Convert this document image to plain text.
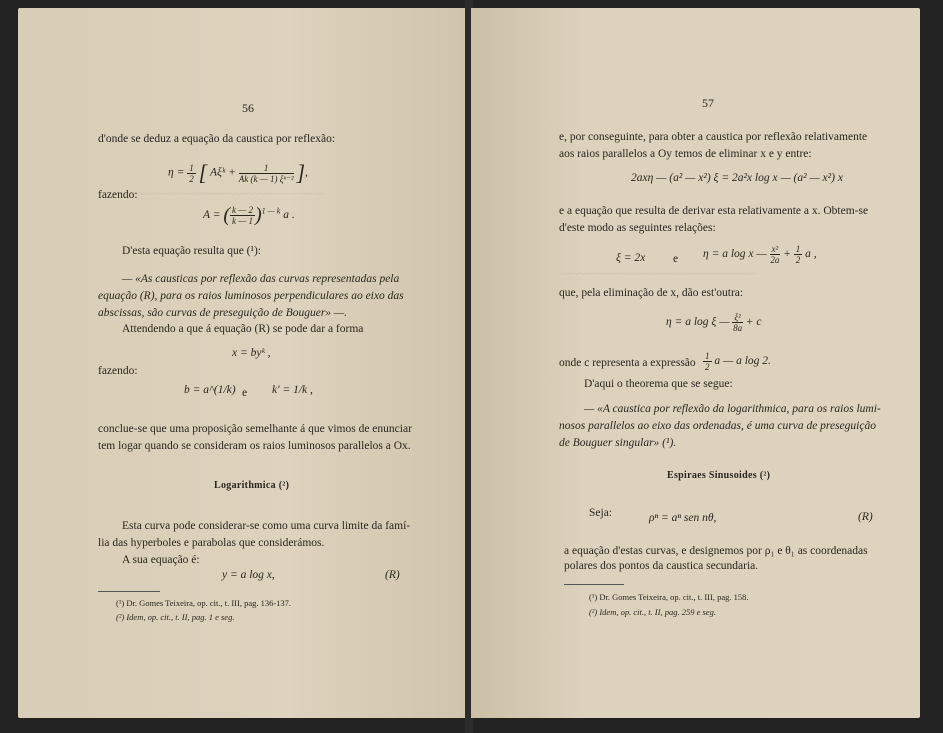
~~~~~~~~~~~~~~~~~~~~~~~~~~~~~~~~~
56
d'onde se deduz a equação da caustica por reflexão:
$\eta = \frac{1}{2}$ [ Aξᵏ + $\frac{1}{\text{Ak (k — 1) ξᵏ⁻²}}$ ],
fazendo:
A = ( $\frac{k — 2}{k — 1} )^{1 — k}$ a .
D'esta equação resulta que (¹):
— «As causticas por reflexão das curvas representadas pela
equação (R), para os raios luminosos perpendiculares ao eixo das
abscissas, são curvas de preseguição de Bouguer» —.
Attendendo a que á equação (R) se pode dar a forma
x = byᵏ ,
fazendo:
b = a^(1/k) e k' = 1/k ,
conclue-se que uma proposição semelhante á que vimos de enunciar
tem logar quando se consideram os raios luminosos parallelos a Ox.
Logarithmica (²)
Esta curva pode considerar-se como uma curva limite da famí-
lia das hyperboles e parabolas que considerámos.
A sua equação é:
y = a log x,	(R)
(¹) Dr. Gomes Teixeira, op. cit., t. III, pag. 136-137.
(²) Idem, op. cit., t. II, pag. 1 e seg.
~~~~~~~~~~~~~~~~~~~~~~~~~~~~~~~~~
57
e, por conseguinte, para obter a caustica por reflexão relativamente
aos raios parallelos a Oy temos de eliminar x e y entre:
2axη — (a² — x²) ξ = 2a²x log x — (a² — x²) x
e a equação que resulta de derivar esta relativamente a x. Obtem-se
d'este modo as seguintes relações:
ξ = 2x e η = a log x — $\frac{\text{x²}}{2a} + \frac{1}{2}$ a ,
que, pela eliminação de x, dão est'outra:
η = a log ξ — $\frac{\text{ξ²}}{8a} + c$
onde c representa a expressão $\frac{1}{2}$ a — a log 2.
D'aqui o theorema que se segue:
— «A caustica por reflexão da logarithmica, para os raios lumi-
nosos parallelos ao eixo das ordenadas, é uma curva de preseguição
de Bouguer singular» (¹).
Espiraes Sinusoides (²)
Seja:	ρⁿ = aⁿ sen nθ,	(R)
a equação d'estas curvas, e designemos por ρ₁ e θ₁ as coordenadas
polares dos pontos da caustica secundaria.
(¹) Dr. Gomes Teixeira, op. cit., t. III, pag. 158.
(²) Idem, op. cit., t. II, pag. 259 e seg.
